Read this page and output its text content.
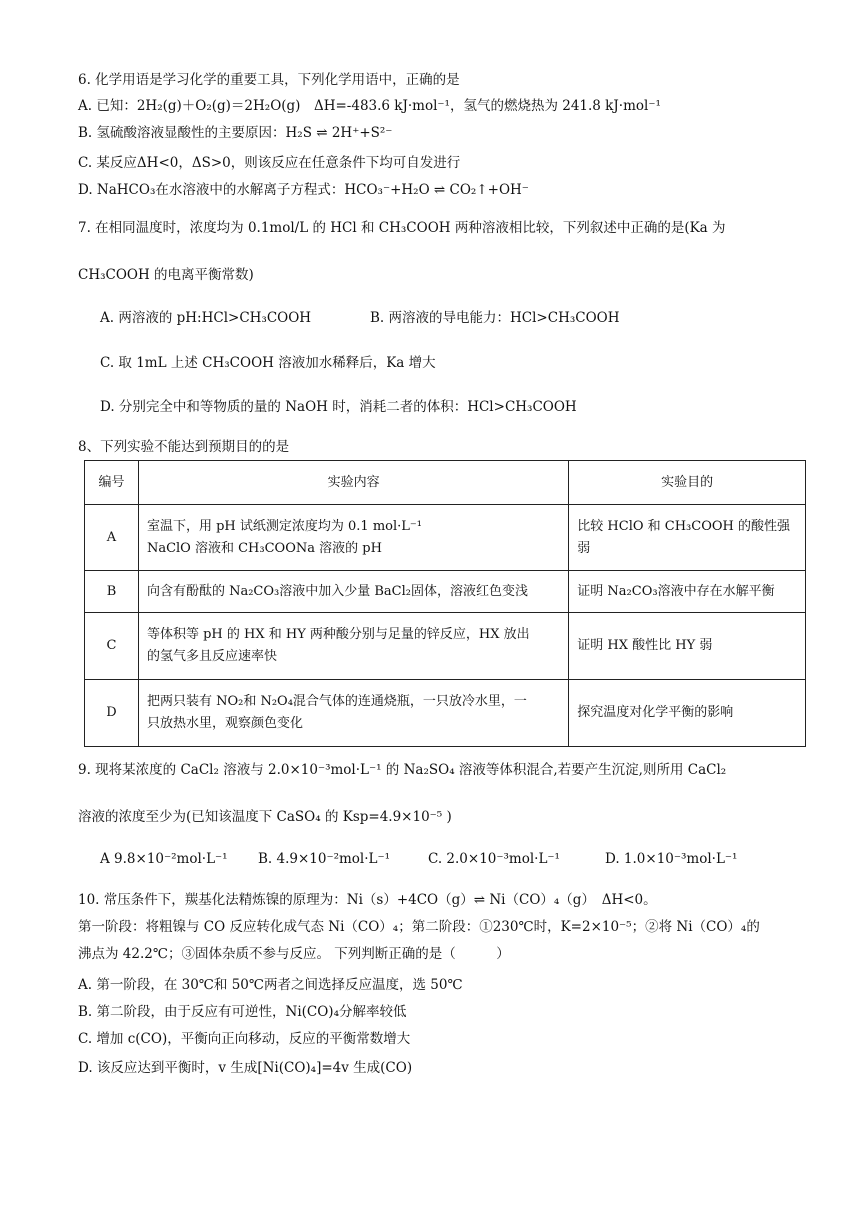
6. 化学用语是学习化学的重要工具，下列化学用语中，正确的是
A. 已知：2H₂(g)＋O₂(g)＝2H₂O(g)　ΔH=-483.6 kJ·mol⁻¹，氢气的燃烧热为 241.8 kJ·mol⁻¹
B. 氢硫酸溶液显酸性的主要原因：H₂S ⇌ 2H⁺+S²⁻
C. 某反应ΔH<0，ΔS>0，则该反应在任意条件下均可自发进行
D. NaHCO₃在水溶液中的水解离子方程式：HCO₃⁻+H₂O ⇌ CO₂↑+OH⁻
7. 在相同温度时，浓度均为 0.1mol/L 的 HCl 和 CH₃COOH 两种溶液相比较，下列叙述中正确的是(Ka 为
CH₃COOH 的电离平衡常数)
A. 两溶液的 pH:HCl>CH₃COOH	B. 两溶液的导电能力：HCl>CH₃COOH
C. 取 1mL 上述 CH₃COOH 溶液加水稀释后，Ka 增大
D. 分别完全中和等物质的量的 NaOH 时，消耗二者的体积：HCl>CH₃COOH
8、下列实验不能达到预期目的的是
编号	实验内容	实验目的
A	室温下，用 pH 试纸测定浓度均为 0.1 mol·L⁻¹
NaClO 溶液和 CH₃COONa 溶液的 pH	比较 HClO 和 CH₃COOH 的酸性强弱
B	向含有酚酞的 Na₂CO₃溶液中加入少量 BaCl₂固体，溶液红色变浅	证明 Na₂CO₃溶液中存在水解平衡
C	等体积等 pH 的 HX 和 HY 两种酸分别与足量的锌反应，HX 放出
的氢气多且反应速率快	证明 HX 酸性比 HY 弱
D	把两只装有 NO₂和 N₂O₄混合气体的连通烧瓶，一只放冷水里，一
只放热水里，观察颜色变化	探究温度对化学平衡的影响
9. 现将某浓度的 CaCl₂ 溶液与 2.0×10⁻³mol·L⁻¹ 的 Na₂SO₄ 溶液等体积混合,若要产生沉淀,则所用 CaCl₂
溶液的浓度至少为(已知该温度下 CaSO₄ 的 Ksp=4.9×10⁻⁵ )
A 9.8×10⁻²mol·L⁻¹ B. 4.9×10⁻²mol·L⁻¹	C. 2.0×10⁻³mol·L⁻¹	D. 1.0×10⁻³mol·L⁻¹
10. 常压条件下，羰基化法精炼镍的原理为：Ni（s）+4CO（g）⇌ Ni（CO）₄（g）　ΔH<0。
第一阶段：将粗镍与 CO 反应转化成气态 Ni（CO）₄；第二阶段：①230℃时，K=2×10⁻⁵；②将 Ni（CO）₄的
沸点为 42.2℃；③固体杂质不参与反应。 下列判断正确的是（　　　）
A. 第一阶段，在 30℃和 50℃两者之间选择反应温度，选 50℃
B. 第二阶段，由于反应有可逆性，Ni(CO)₄分解率较低
C. 增加 c(CO)，平衡向正向移动，反应的平衡常数增大
D. 该反应达到平衡时，v 生成[Ni(CO)₄]=4v 生成(CO)
